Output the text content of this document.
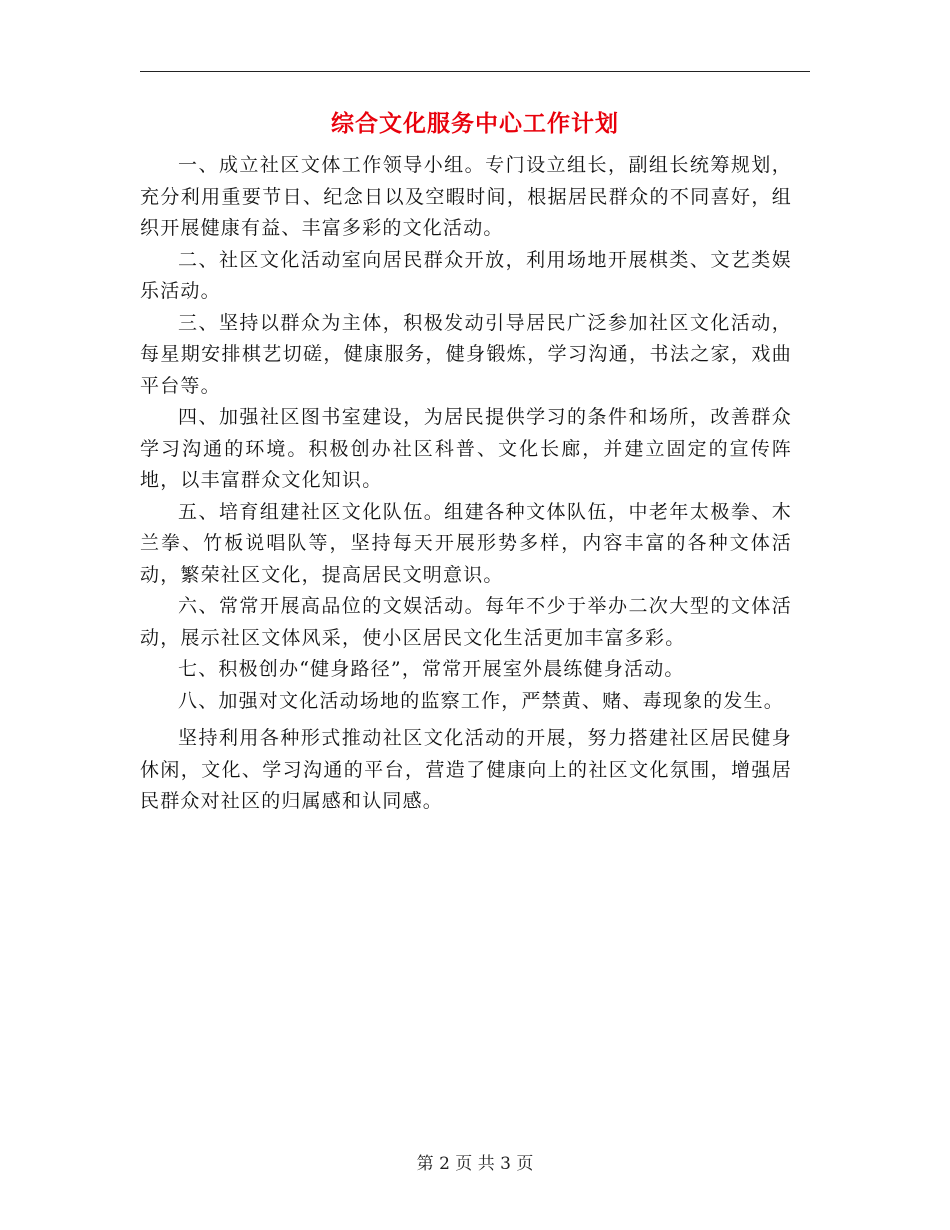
综合文化服务中心工作计划

一、成立社区文体工作领导小组。专门设立组长，副组长统筹规划，充分利用重要节日、纪念日以及空暇时间，根据居民群众的不同喜好，组织开展健康有益、丰富多彩的文化活动。

二、社区文化活动室向居民群众开放，利用场地开展棋类、文艺类娱乐活动。

三、坚持以群众为主体，积极发动引导居民广泛参加社区文化活动，每星期安排棋艺切磋，健康服务，健身锻炼，学习沟通，书法之家，戏曲平台等。

四、加强社区图书室建设，为居民提供学习的条件和场所，改善群众学习沟通的环境。积极创办社区科普、文化长廊，并建立固定的宣传阵地，以丰富群众文化知识。

五、培育组建社区文化队伍。组建各种文体队伍，中老年太极拳、木兰拳、竹板说唱队等，坚持每天开展形势多样，内容丰富的各种文体活动，繁荣社区文化，提高居民文明意识。

六、常常开展高品位的文娱活动。每年不少于举办二次大型的文体活动，展示社区文体风采，使小区居民文化生活更加丰富多彩。

七、积极创办“健身路径”，常常开展室外晨练健身活动。

八、加强对文化活动场地的监察工作，严禁黄、赌、毒现象的发生。

坚持利用各种形式推动社区文化活动的开展，努力搭建社区居民健身休闲，文化、学习沟通的平台，营造了健康向上的社区文化氛围，增强居民群众对社区的归属感和认同感。

第 2 页 共 3 页
